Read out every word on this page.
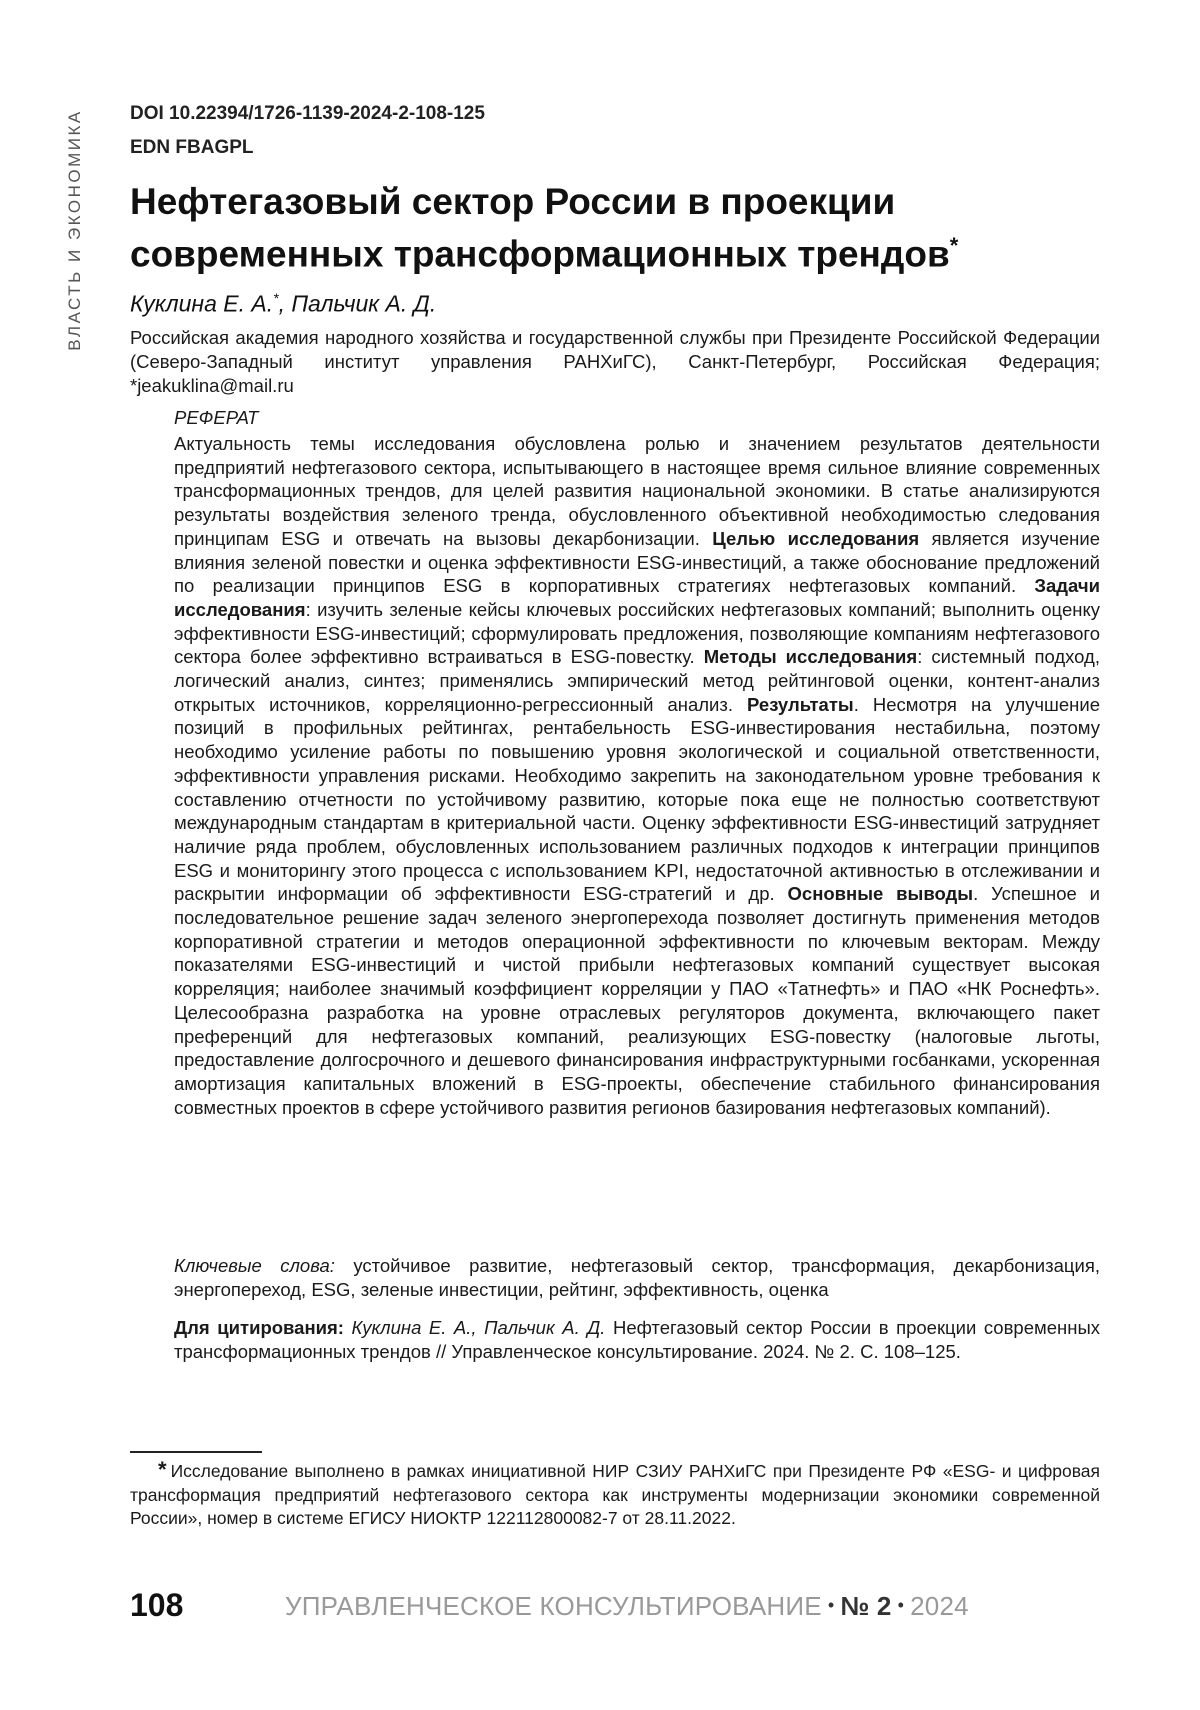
ВЛАСТЬ И ЭКОНОМИКА DOI 10.22394/1726-1139-2024-2-108-125
EDN FBAGPL
Нефтегазовый сектор России в проекции
современных трансформационных трендов*
Куклина Е. А.*, Пальчик А. Д.
Российская академия народного хозяйства и государственной службы при Президенте Российской Федерации (Северо-Западный институт управления РАНХиГС), Санкт-Петербург, Российская Федерация; *jeakuklina@mail.ru
РЕФЕРАТ
Актуальность темы исследования обусловлена ролью и значением результатов деятельности предприятий нефтегазового сектора, испытывающего в настоящее время сильное влияние современных трансформационных трендов, для целей развития национальной экономики. В статье анализируются результаты воздействия зеленого тренда, обусловленного объективной необходимостью следования принципам ESG и отвечать на вызовы декарбонизации. Целью исследования является изучение влияния зеленой повестки и оценка эффективности ESG-инвестиций, а также обоснование предложений по реализации принципов ESG в корпоративных стратегиях нефтегазовых компаний. Задачи исследования: изучить зеленые кейсы ключевых российских нефтегазовых компаний; выполнить оценку эффективности ESG-инвестиций; сформулировать предложения, позволяющие компаниям нефтегазового сектора более эффективно встраиваться в ESG-повестку. Методы исследования: системный подход, логический анализ, синтез; применялись эмпирический метод рейтинговой оценки, контент-анализ открытых источников, корреляционно-регрессионный анализ. Результаты. Несмотря на улучшение позиций в профильных рейтингах, рентабельность ESG-инвестирования нестабильна, поэтому необходимо усиление работы по повышению уровня экологической и социальной ответственности, эффективности управления рисками. Необходимо закрепить на законодательном уровне требования к составлению отчетности по устойчивому развитию, которые пока еще не полностью соответствуют международным стандартам в критериальной части. Оценку эффективности ESG-инвестиций затрудняет наличие ряда проблем, обусловленных использованием различных подходов к интеграции принципов ESG и мониторингу этого процесса с использованием KPI, недостаточной активностью в отслеживании и раскрытии информации об эффективности ESG-стратегий и др. Основные выводы. Успешное и последовательное решение задач зеленого энергоперехода позволяет достигнуть применения методов корпоративной стратегии и методов операционной эффективности по ключевым векторам. Между показателями ESG-инвестиций и чистой прибыли нефтегазовых компаний существует высокая корреляция; наиболее значимый коэффициент корреляции у ПАО «Татнефть» и ПАО «НК Роснефть». Целесообразна разработка на уровне отраслевых регуляторов документа, включающего пакет преференций для нефтегазовых компаний, реализующих ESG-повестку (налоговые льготы, предоставление долгосрочного и дешевого финансирования инфраструктурными госбанками, ускоренная амортизация капитальных вложений в ESG-проекты, обеспечение стабильного финансирования совместных проектов в сфере устойчивого развития регионов базирования нефтегазовых компаний).
Ключевые слова: устойчивое развитие, нефтегазовый сектор, трансформация, декарбонизация, энергопереход, ESG, зеленые инвестиции, рейтинг, эффективность, оценка
Для цитирования: Куклина Е. А., Пальчик А. Д. Нефтегазовый сектор России в проекции современных трансформационных трендов // Управленческое консультирование. 2024. № 2. С. 108–125.
* Исследование выполнено в рамках инициативной НИР СЗИУ РАНХиГС при Президенте РФ «ESG- и цифровая трансформация предприятий нефтегазового сектора как инструменты модернизации экономики современной России», номер в системе ЕГИСУ НИОКТР 122112800082-7 от 28.11.2022.
108	УПРАВЛЕНЧЕСКОЕ КОНСУЛЬТИРОВАНИЕ • № 2 • 2024
